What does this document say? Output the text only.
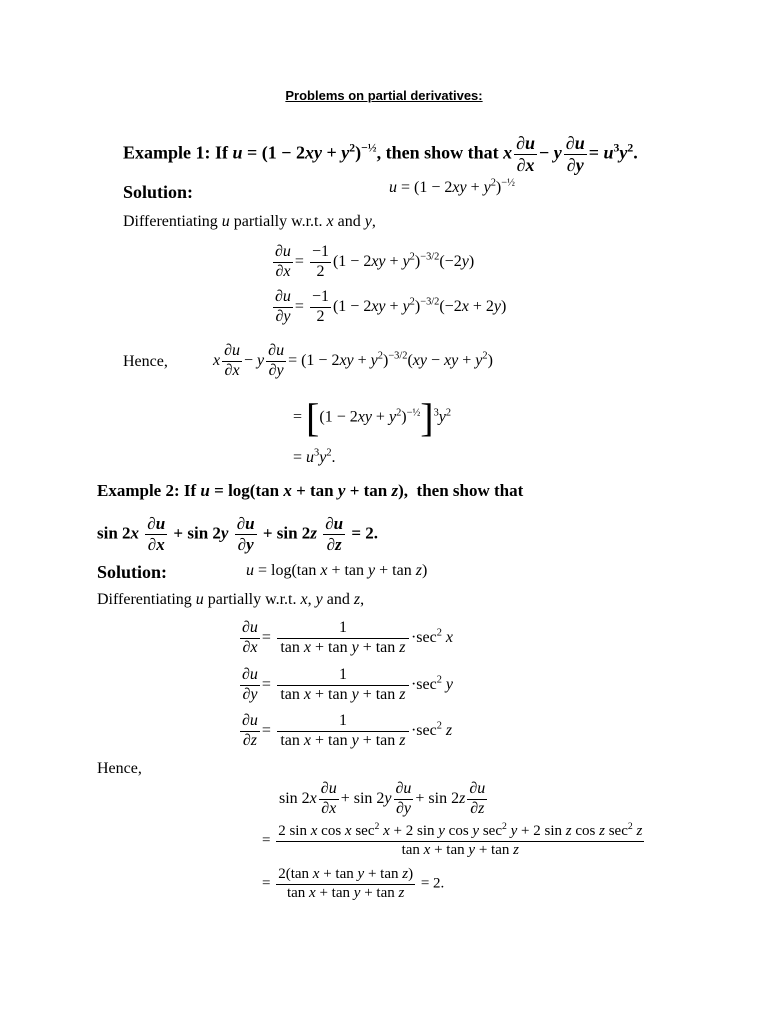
Problems on partial derivatives:
Example 1: If $u = (1 - 2xy + y^2)^{-\frac{1}{2}}$, then show that x $\frac{\partial u}{\partial x} - y \frac{\partial u}{\partial y} = u^3y^2$.
Solution:	$u = (1 - 2xy + y^2)^{-\frac{1}{2}}$
Differentiating u partially w.r.t. x and y,
$\frac{\partial u}{\partial x} = \frac{-1}{2} (1 - 2xy + y^2)^{-3/2}(-2y)$
$\frac{\partial u}{\partial y} = \frac{-1}{2} (1 - 2xy + y^2)^{-3/2}(-2x + 2y)$
Hence,	x $\frac{\partial u}{\partial x} - y \frac{\partial u}{\partial y} = (1 - 2xy + y^2)^{-3/2}(xy$ − xy + $y^2$)
= $[(1 - 2xy + y^2)^{-\frac{1}{2}}]^3y^2$
= $u^3y^2$.
Example 2: If u = log(tan x + tan y + tan z),  then show that
$\sin 2x \frac{\partial u}{\partial x} + \sin 2y \frac{\partial u}{\partial y} + \sin 2z \frac{\partial u}{\partial z} = 2$.
Solution:	u = log(tan x + tan y + tan z)
Differentiating u partially w.r.t. x, y and z,
$\frac{\partial u}{\partial x} = \frac{1}{\text{tan x + tan y + tan z}} \cdot\sec^2$ x
$\frac{\partial u}{\partial y} = \frac{1}{\text{tan x + tan y + tan z}} \cdot\sec^2$ y
$\frac{\partial u}{\partial z} = \frac{1}{\text{tan x + tan y + tan z}} \cdot\sec^2$ z
Hence,
$\sin 2x \frac{\partial u}{\partial x} + \sin 2y \frac{\partial u}{\partial y} + \sin 2z \frac{\partial u}{\partial z}$
=
2 sin x cos x $\sec^2 x + 2$ sin y cos y $\sec^2 y + 2$ sin z cos z $\sec^2 z$
tan x + tan y + tan z
= $\frac{\text{2(tan x + tan y + tan z)}}{\text{tan x + tan y + tan z}} = 2$.
